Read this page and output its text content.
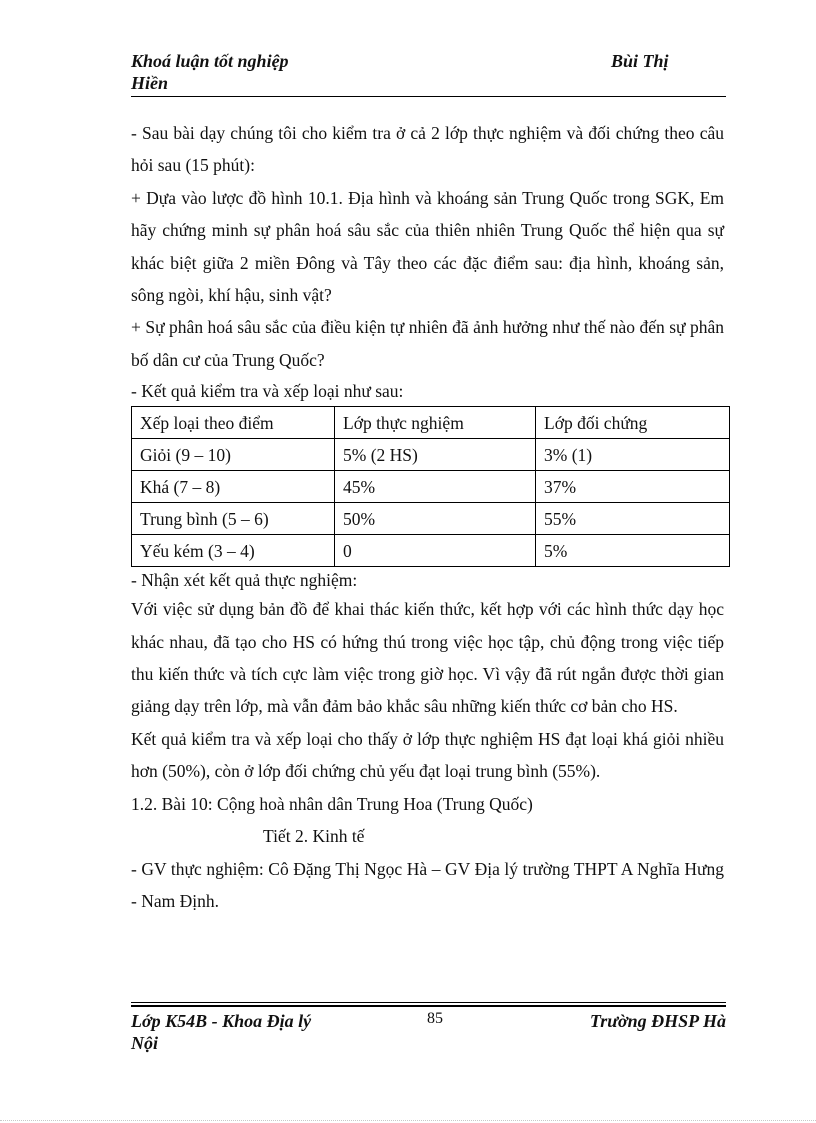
Khoá luận tốt nghiệp	Bùi Thị
Hiền

- Sau bài dạy chúng tôi cho kiểm tra ở cả 2 lớp thực nghiệm và đối chứng theo câu hỏi sau (15 phút):

+ Dựa vào lược đồ hình 10.1. Địa hình và khoáng sản Trung Quốc trong SGK, Em hãy chứng minh sự phân hoá sâu sắc của thiên nhiên Trung Quốc thể hiện qua sự khác biệt giữa 2 miền Đông và Tây theo các đặc điểm sau: địa hình, khoáng sản, sông ngòi, khí hậu, sinh vật?

+ Sự phân hoá sâu sắc của điều kiện tự nhiên đã ảnh hưởng như thế nào đến sự phân bố dân cư của Trung Quốc?

- Kết quả kiểm tra và xếp loại như sau:

Xếp loại theo điểm	Lớp thực nghiệm	Lớp đối chứng
Giỏi (9 – 10)	5% (2 HS)	3% (1)
Khá (7 – 8)	45%	37%
Trung bình (5 – 6)	50%	55%
Yếu kém (3 – 4)	0	5%

- Nhận xét kết quả thực nghiệm:

Với việc sử dụng bản đồ để khai thác kiến thức, kết hợp với các hình thức dạy học khác nhau, đã tạo cho HS có hứng thú trong việc học tập, chủ động trong việc tiếp thu kiến thức và tích cực làm việc trong giờ học. Vì vậy đã rút ngắn được thời gian giảng dạy trên lớp, mà vẫn đảm bảo khắc sâu những kiến thức cơ bản cho HS.

Kết quả kiểm tra và xếp loại cho thấy ở lớp thực nghiệm HS đạt loại khá giỏi nhiều hơn (50%), còn ở lớp đối chứng chủ yếu đạt loại trung bình (55%).

1.2. Bài 10: Cộng hoà nhân dân Trung Hoa (Trung Quốc)

Tiết 2. Kinh tế

- GV thực nghiệm: Cô Đặng Thị Ngọc Hà – GV Địa lý trường THPT A Nghĩa Hưng - Nam Định.

Lớp K54B - Khoa Địa lý
Nội
85	Trường ĐHSP Hà
